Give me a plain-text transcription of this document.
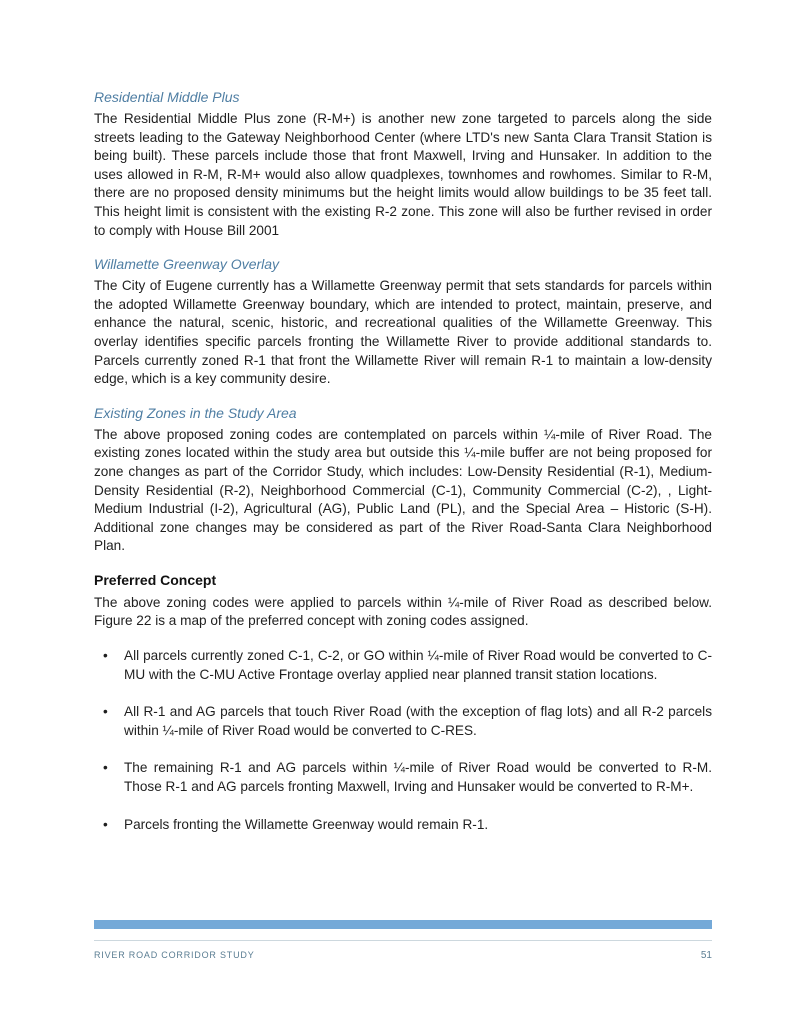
Residential Middle Plus

The Residential Middle Plus zone (R-M+) is another new zone targeted to parcels along the side streets leading to the Gateway Neighborhood Center (where LTD's new Santa Clara Transit Station is being built). These parcels include those that front Maxwell, Irving and Hunsaker. In addition to the uses allowed in R-M, R-M+ would also allow quadplexes, townhomes and rowhomes. Similar to R-M, there are no proposed density minimums but the height limits would allow buildings to be 35 feet tall. This height limit is consistent with the existing R-2 zone. This zone will also be further revised in order to comply with House Bill 2001

Willamette Greenway Overlay

The City of Eugene currently has a Willamette Greenway permit that sets standards for parcels within the adopted Willamette Greenway boundary, which are intended to protect, maintain, preserve, and enhance the natural, scenic, historic, and recreational qualities of the Willamette Greenway. This overlay identifies specific parcels fronting the Willamette River to provide additional standards to. Parcels currently zoned R-1 that front the Willamette River will remain R-1 to maintain a low-density edge, which is a key community desire.

Existing Zones in the Study Area

The above proposed zoning codes are contemplated on parcels within ¼-mile of River Road. The existing zones located within the study area but outside this ¼-mile buffer are not being proposed for zone changes as part of the Corridor Study, which includes: Low-Density Residential (R-1), Medium-Density Residential (R-2), Neighborhood Commercial (C-1), Community Commercial (C-2), , Light-Medium Industrial (I-2), Agricultural (AG), Public Land (PL), and the Special Area – Historic (S-H). Additional zone changes may be considered as part of the River Road-Santa Clara Neighborhood Plan.

Preferred Concept

The above zoning codes were applied to parcels within ¼-mile of River Road as described below. Figure 22 is a map of the preferred concept with zoning codes assigned.

• All parcels currently zoned C-1, C-2, or GO within ¼-mile of River Road would be converted to C-MU with the C-MU Active Frontage overlay applied near planned transit station locations.
• All R-1 and AG parcels that touch River Road (with the exception of flag lots) and all R-2 parcels within ¼-mile of River Road would be converted to C-RES.
• The remaining R-1 and AG parcels within ¼-mile of River Road would be converted to R-M. Those R-1 and AG parcels fronting Maxwell, Irving and Hunsaker would be converted to R-M+.
• Parcels fronting the Willamette Greenway would remain R-1.
RIVER ROAD CORRIDOR STUDY	51
